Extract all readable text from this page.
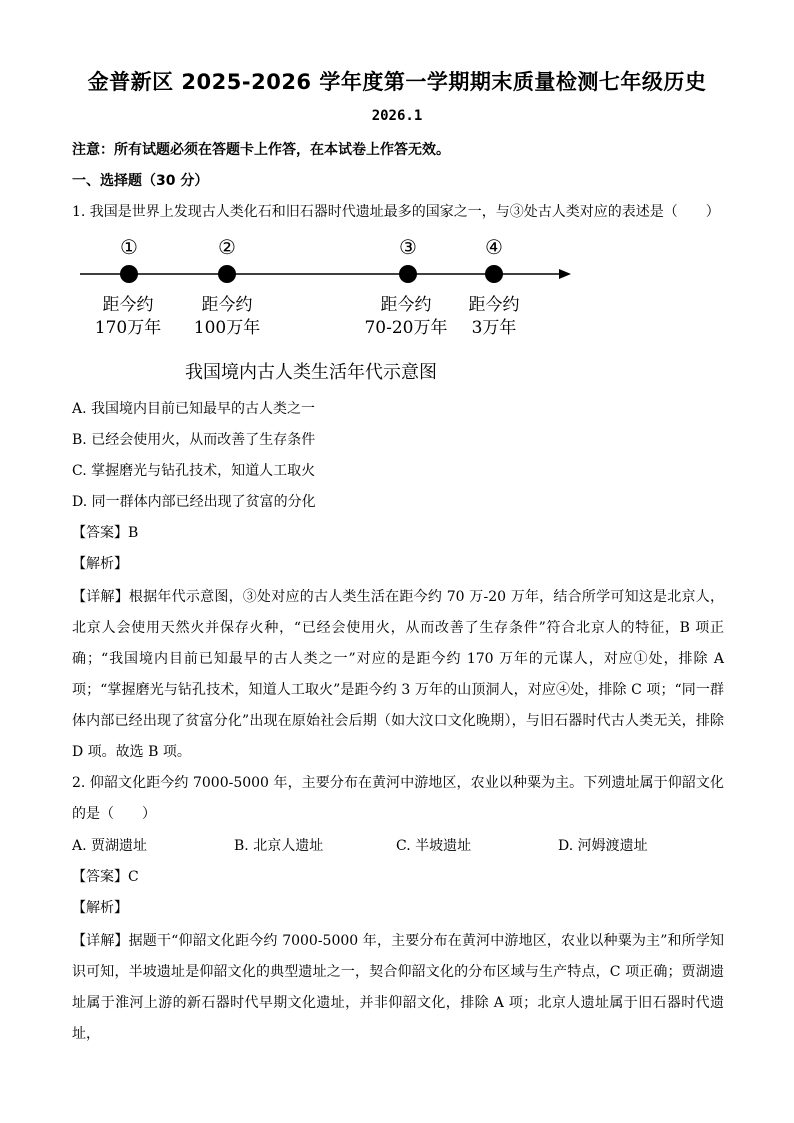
金普新区 2025-2026 学年度第一学期期末质量检测七年级历史
2026.1
注意：所有试题必须在答题卡上作答，在本试卷上作答无效。
一、选择题（30 分）
1. 我国是世界上发现古人类化石和旧石器时代遗址最多的国家之一，与③处古人类对应的表述是（　　）
①	②	③	④
距今约	距今约	距今约 距今约
170万年 100万年	70-20万年 3万年
我国境内古人类生活年代示意图
A. 我国境内目前已知最早的古人类之一
B. 已经会使用火，从而改善了生存条件
C. 掌握磨光与钻孔技术，知道人工取火
D. 同一群体内部已经出现了贫富的分化
【答案】B
【解析】
【详解】根据年代示意图，③处对应的古人类生活在距今约 70 万-20 万年，结合所学可知这是北京人，北京人会使用天然火并保存火种，“已经会使用火，从而改善了生存条件”符合北京人的特征，B 项正确；“我国境内目前已知最早的古人类之一”对应的是距今约 170 万年的元谋人，对应①处，排除 A 项；“掌握磨光与钻孔技术，知道人工取火”是距今约 3 万年的山顶洞人，对应④处，排除 C 项；“同一群体内部已经出现了贫富分化”出现在原始社会后期（如大汶口文化晚期），与旧石器时代古人类无关，排除 D 项。故选 B 项。
2. 仰韶文化距今约 7000-5000 年，主要分布在黄河中游地区，农业以种粟为主。下列遗址属于仰韶文化的是（　　）
A. 贾湖遗址	B. 北京人遗址	C. 半坡遗址	D. 河姆渡遗址
【答案】C
【解析】
【详解】据题干“仰韶文化距今约 7000-5000 年，主要分布在黄河中游地区，农业以种粟为主”和所学知识可知，半坡遗址是仰韶文化的典型遗址之一，契合仰韶文化的分布区域与生产特点，C 项正确；贾湖遗址属于淮河上游的新石器时代早期文化遗址，并非仰韶文化，排除 A 项；北京人遗址属于旧石器时代遗址，
